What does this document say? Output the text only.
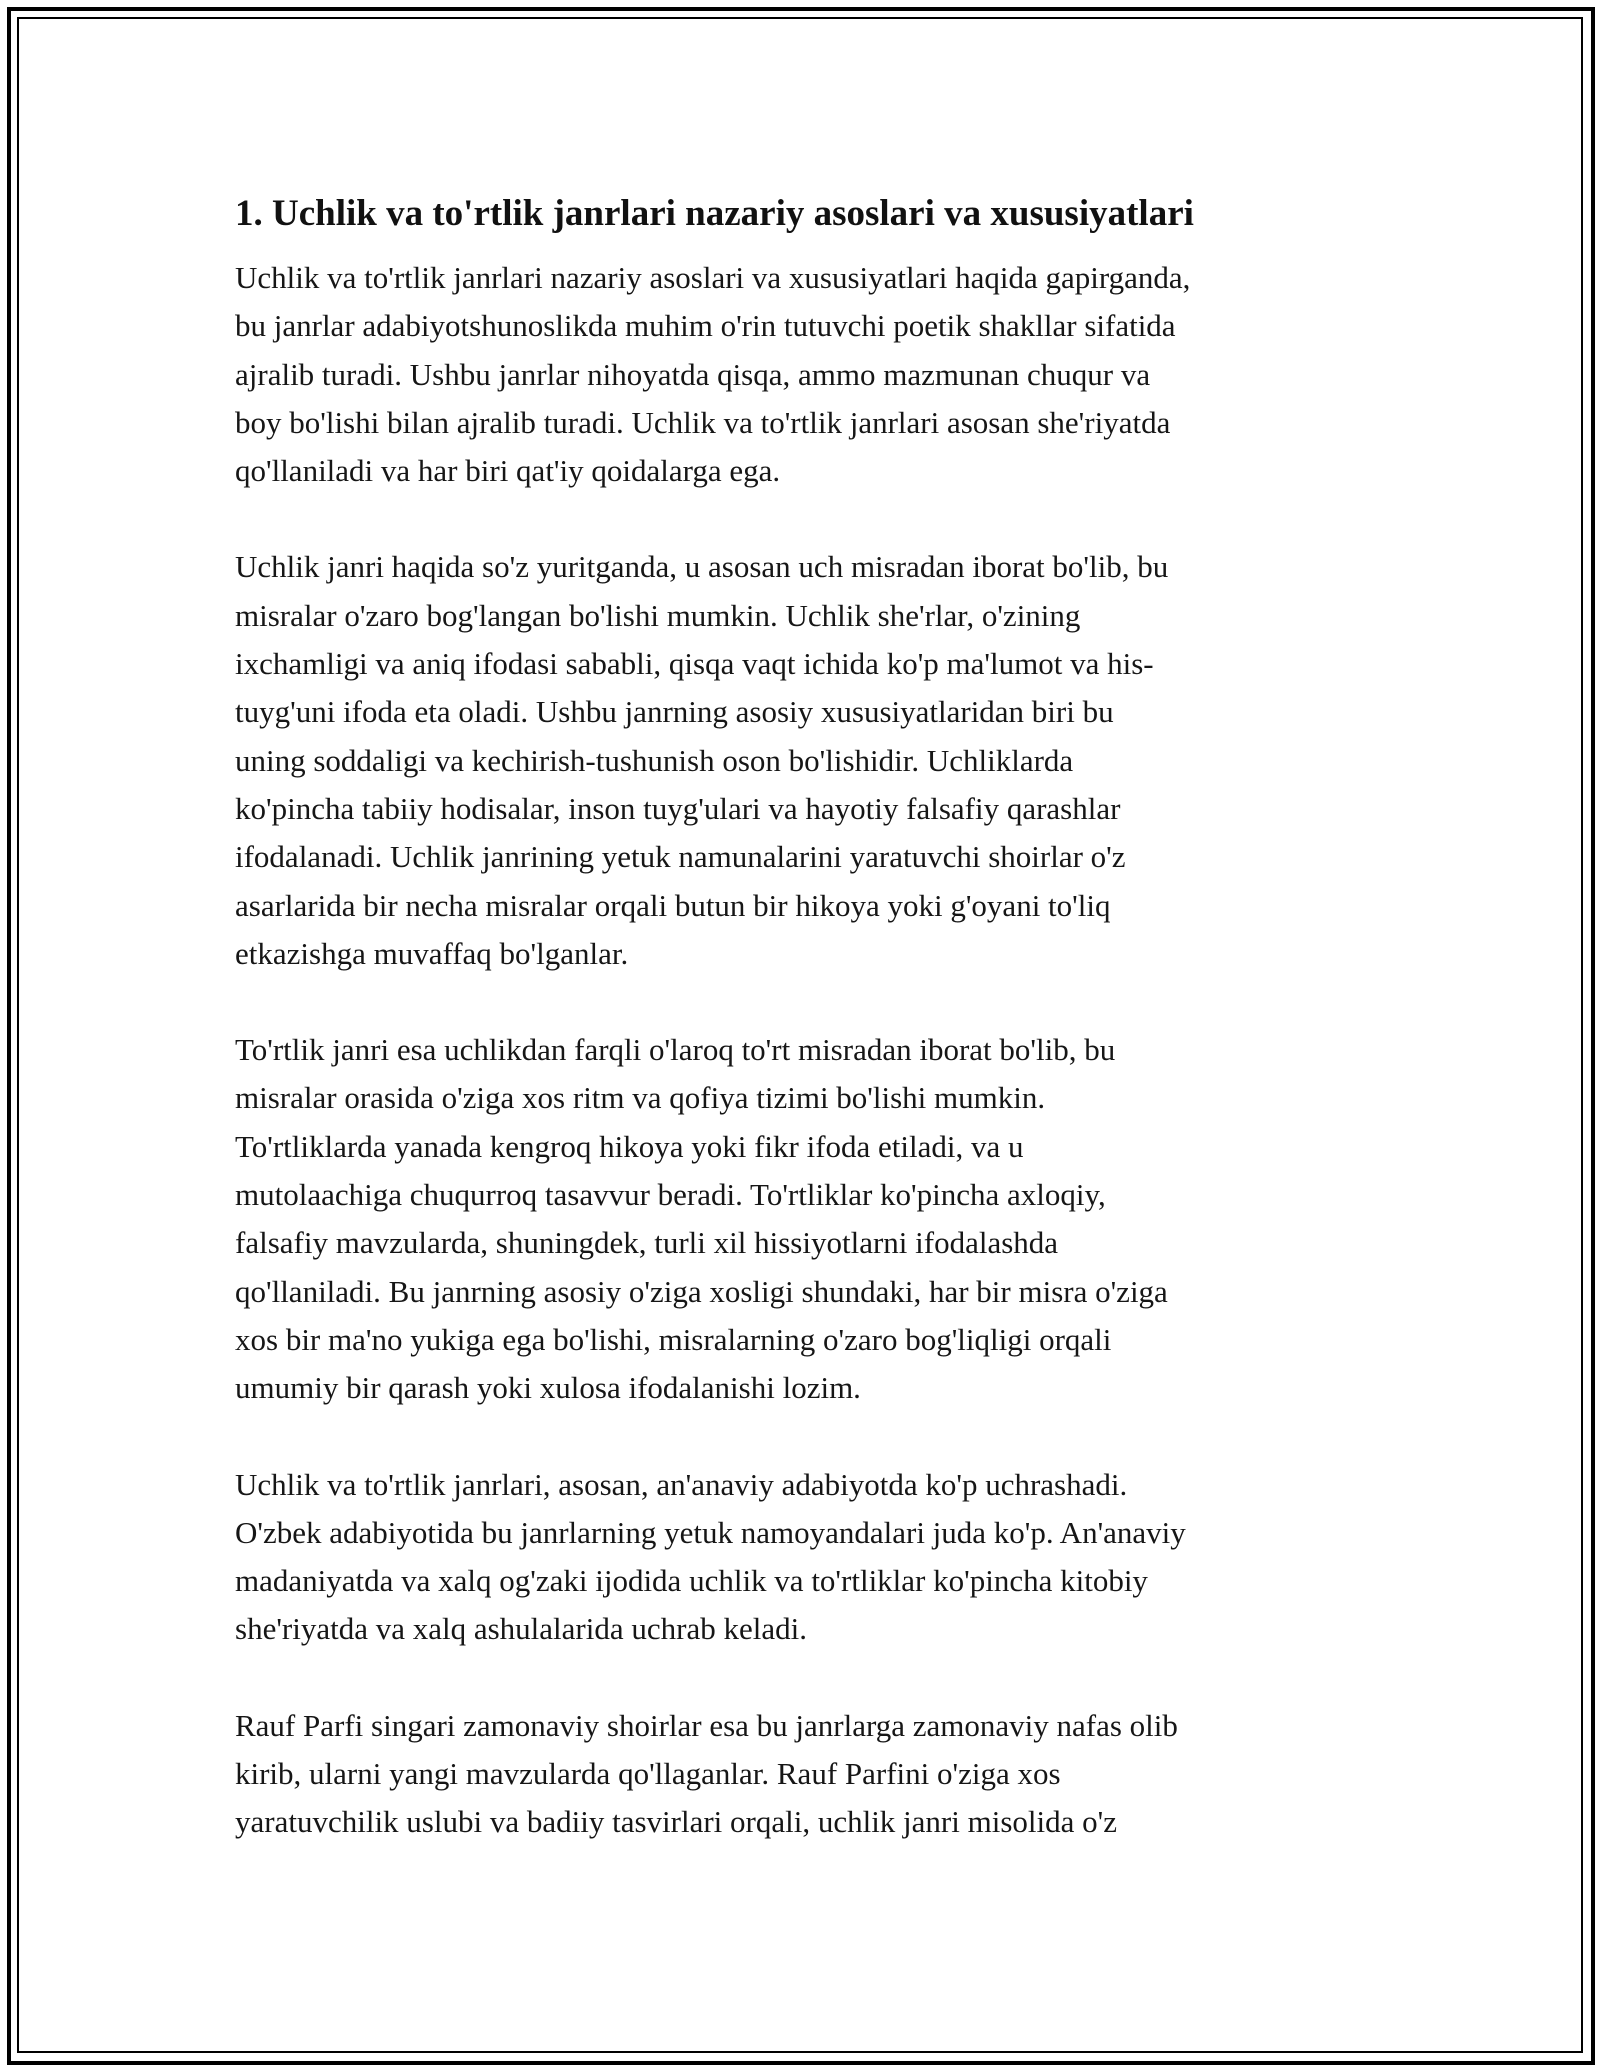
1. Uchlik va to'rtlik janrlari nazariy asoslari va xususiyatlari

Uchlik va to'rtlik janrlari nazariy asoslari va xususiyatlari haqida gapirganda,
bu janrlar adabiyotshunoslikda muhim o'rin tutuvchi poetik shakllar sifatida
ajralib turadi. Ushbu janrlar nihoyatda qisqa, ammo mazmunan chuqur va
boy bo'lishi bilan ajralib turadi. Uchlik va to'rtlik janrlari asosan she'riyatda
qo'llaniladi va har biri qat'iy qoidalarga ega.

Uchlik janri haqida so'z yuritganda, u asosan uch misradan iborat bo'lib, bu
misralar o'zaro bog'langan bo'lishi mumkin. Uchlik she'rlar, o'zining
ixchamligi va aniq ifodasi sababli, qisqa vaqt ichida ko'p ma'lumot va his-
tuyg'uni ifoda eta oladi. Ushbu janrning asosiy xususiyatlaridan biri bu
uning soddaligi va kechirish-tushunish oson bo'lishidir. Uchliklarda
ko'pincha tabiiy hodisalar, inson tuyg'ulari va hayotiy falsafiy qarashlar
ifodalanadi. Uchlik janrining yetuk namunalarini yaratuvchi shoirlar o'z
asarlarida bir necha misralar orqali butun bir hikoya yoki g'oyani to'liq
etkazishga muvaffaq bo'lganlar.

To'rtlik janri esa uchlikdan farqli o'laroq to'rt misradan iborat bo'lib, bu
misralar orasida o'ziga xos ritm va qofiya tizimi bo'lishi mumkin.
To'rtliklarda yanada kengroq hikoya yoki fikr ifoda etiladi, va u
mutolaachiga chuqurroq tasavvur beradi. To'rtliklar ko'pincha axloqiy,
falsafiy mavzularda, shuningdek, turli xil hissiyotlarni ifodalashda
qo'llaniladi. Bu janrning asosiy o'ziga xosligi shundaki, har bir misra o'ziga
xos bir ma'no yukiga ega bo'lishi, misralarning o'zaro bog'liqligi orqali
umumiy bir qarash yoki xulosa ifodalanishi lozim.

Uchlik va to'rtlik janrlari, asosan, an'anaviy adabiyotda ko'p uchrashadi.
O'zbek adabiyotida bu janrlarning yetuk namoyandalari juda ko'p. An'anaviy
madaniyatda va xalq og'zaki ijodida uchlik va to'rtliklar ko'pincha kitobiy
she'riyatda va xalq ashulalarida uchrab keladi.

Rauf Parfi singari zamonaviy shoirlar esa bu janrlarga zamonaviy nafas olib
kirib, ularni yangi mavzularda qo'llaganlar. Rauf Parfini o'ziga xos
yaratuvchilik uslubi va badiiy tasvirlari orqali, uchlik janri misolida o'z
